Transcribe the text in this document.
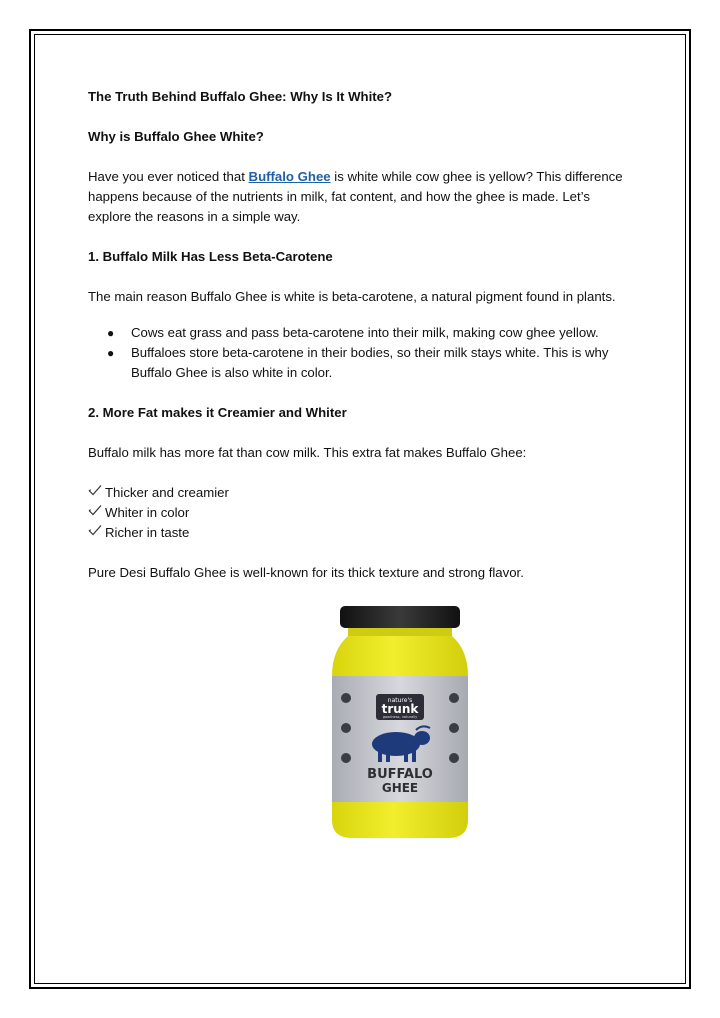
The Truth Behind Buffalo Ghee: Why Is It White?

Why is Buffalo Ghee White?

Have you ever noticed that Buffalo Ghee is white while cow ghee is yellow? This difference happens because of the nutrients in milk, fat content, and how the ghee is made. Let’s explore the reasons in a simple way.

1. Buffalo Milk Has Less Beta-Carotene

The main reason Buffalo Ghee is white is beta-carotene, a natural pigment found in plants.

● Cows eat grass and pass beta-carotene into their milk, making cow ghee yellow.
● Buffaloes store beta-carotene in their bodies, so their milk stays white. This is why Buffalo Ghee is also white in color.

2. More Fat makes it Creamier and Whiter

Buffalo milk has more fat than cow milk. This extra fat makes Buffalo Ghee:

Thicker and creamier
Whiter in color
Richer in taste

Pure Desi Buffalo Ghee is well-known for its thick texture and strong flavor.

nature's
trunk
goodness, naturally
BUFFALO
GHEE
